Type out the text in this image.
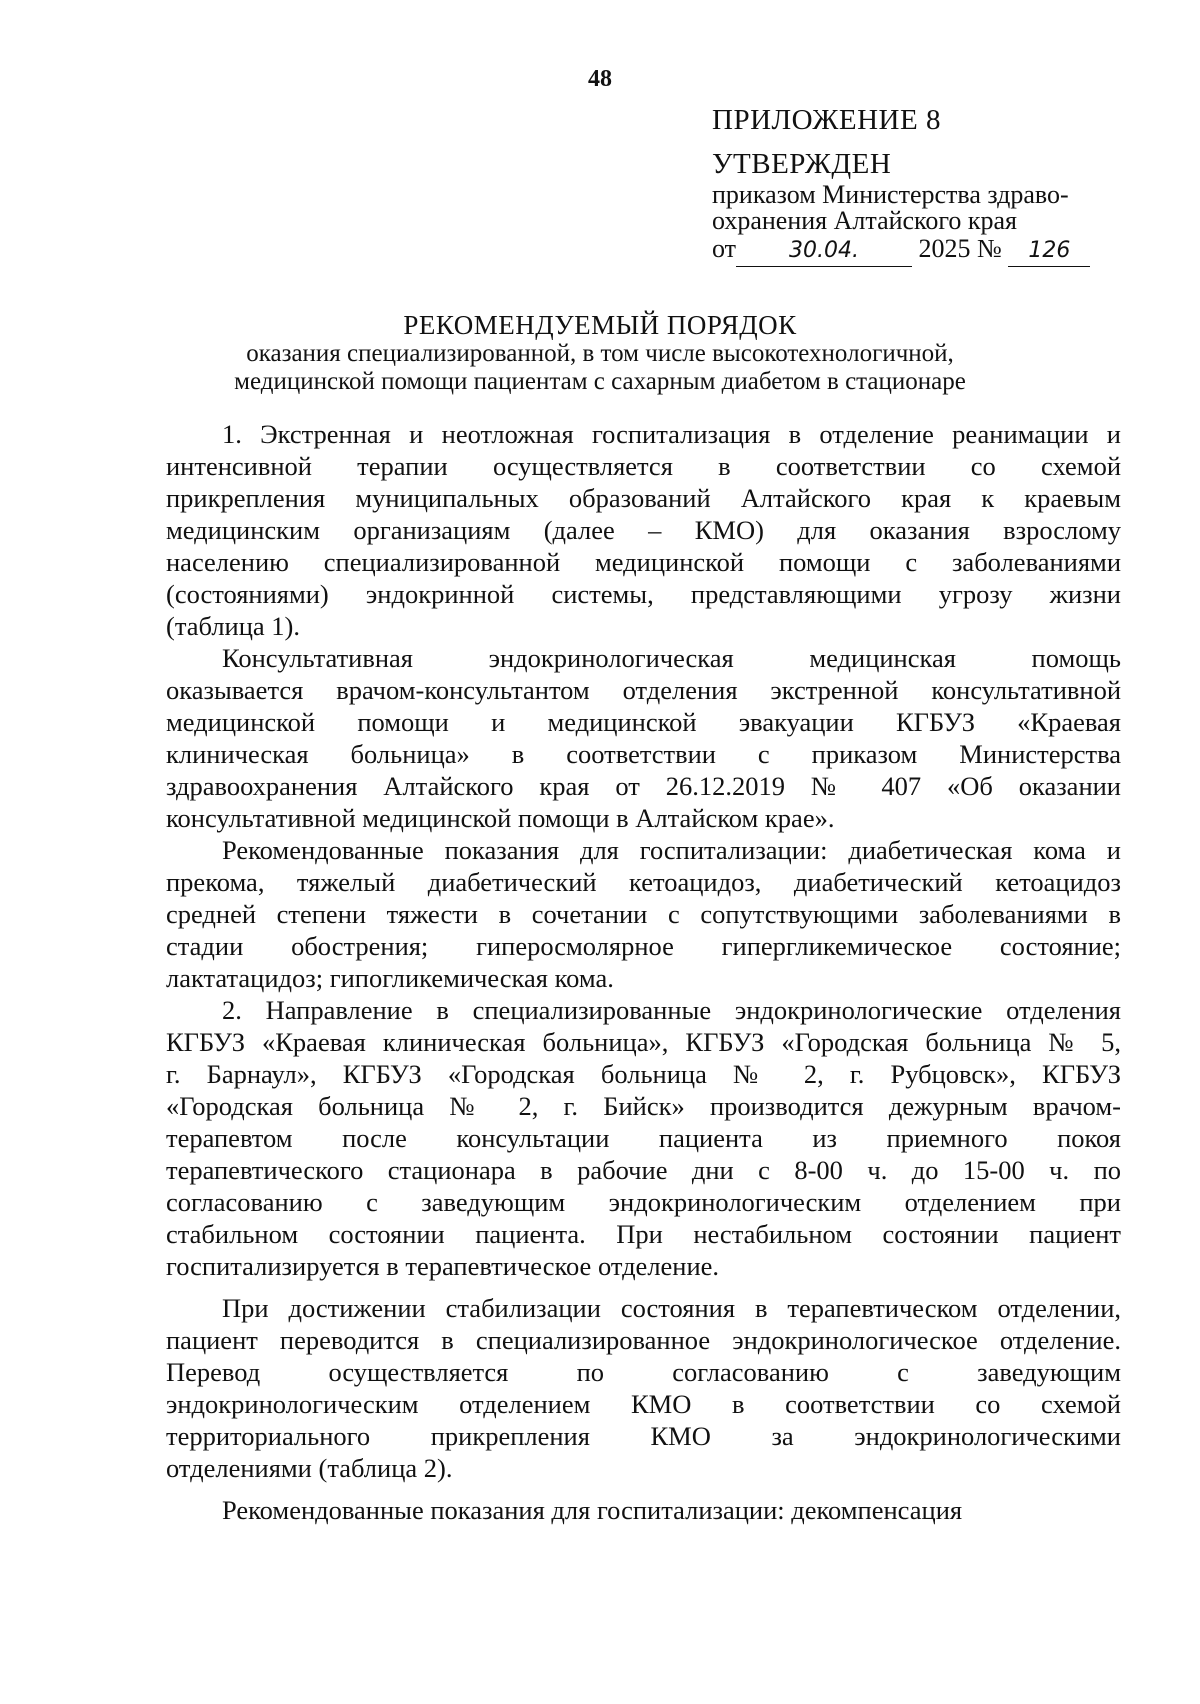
48
ПРИЛОЖЕНИЕ 8
УТВЕРЖДЕН
приказом Министерства здраво-
охранения Алтайского края
от 30.04. 2025 № 126
РЕКОМЕНДУЕМЫЙ ПОРЯДОК
оказания специализированной, в том числе высокотехнологичной,
медицинской помощи пациентам с сахарным диабетом в стационаре

1. Экстренная и неотложная госпитализация в отделение реанимации и
интенсивной терапии осуществляется в соответствии со схемой
прикрепления муниципальных образований Алтайского края к краевым
медицинским организациям (далее – КМО) для оказания взрослому
населению специализированной медицинской помощи с заболеваниями
(состояниями) эндокринной системы, представляющими угрозу жизни
(таблица 1).

Консультативная эндокринологическая медицинская помощь
оказывается врачом-консультантом отделения экстренной консультативной
медицинской помощи и медицинской эвакуации КГБУЗ «Краевая
клиническая больница» в соответствии с приказом Министерства
здравоохранения Алтайского края от 26.12.2019 № 407 «Об оказании
консультативной медицинской помощи в Алтайском крае».

Рекомендованные показания для госпитализации: диабетическая кома и
прекома, тяжелый диабетический кетоацидоз, диабетический кетоацидоз
средней степени тяжести в сочетании с сопутствующими заболеваниями в
стадии обострения; гиперосмолярное гипергликемическое состояние;
лактатацидоз; гипогликемическая кома.

2. Направление в специализированные эндокринологические отделения
КГБУЗ «Краевая клиническая больница», КГБУЗ «Городская больница № 5,
г. Барнаул», КГБУЗ «Городская больница № 2, г. Рубцовск», КГБУЗ
«Городская больница № 2, г. Бийск» производится дежурным врачом-
терапевтом после консультации пациента из приемного покоя
терапевтического стационара в рабочие дни с 8-00 ч. до 15-00 ч. по
согласованию с заведующим эндокринологическим отделением при
стабильном состоянии пациента. При нестабильном состоянии пациент
госпитализируется в терапевтическое отделение.

При достижении стабилизации состояния в терапевтическом отделении,
пациент переводится в специализированное эндокринологическое отделение.
Перевод осуществляется по согласованию с заведующим
эндокринологическим отделением КМО в соответствии со схемой
территориального прикрепления КМО за эндокринологическими
отделениями (таблица 2).

Рекомендованные показания для госпитализации: декомпенсация
